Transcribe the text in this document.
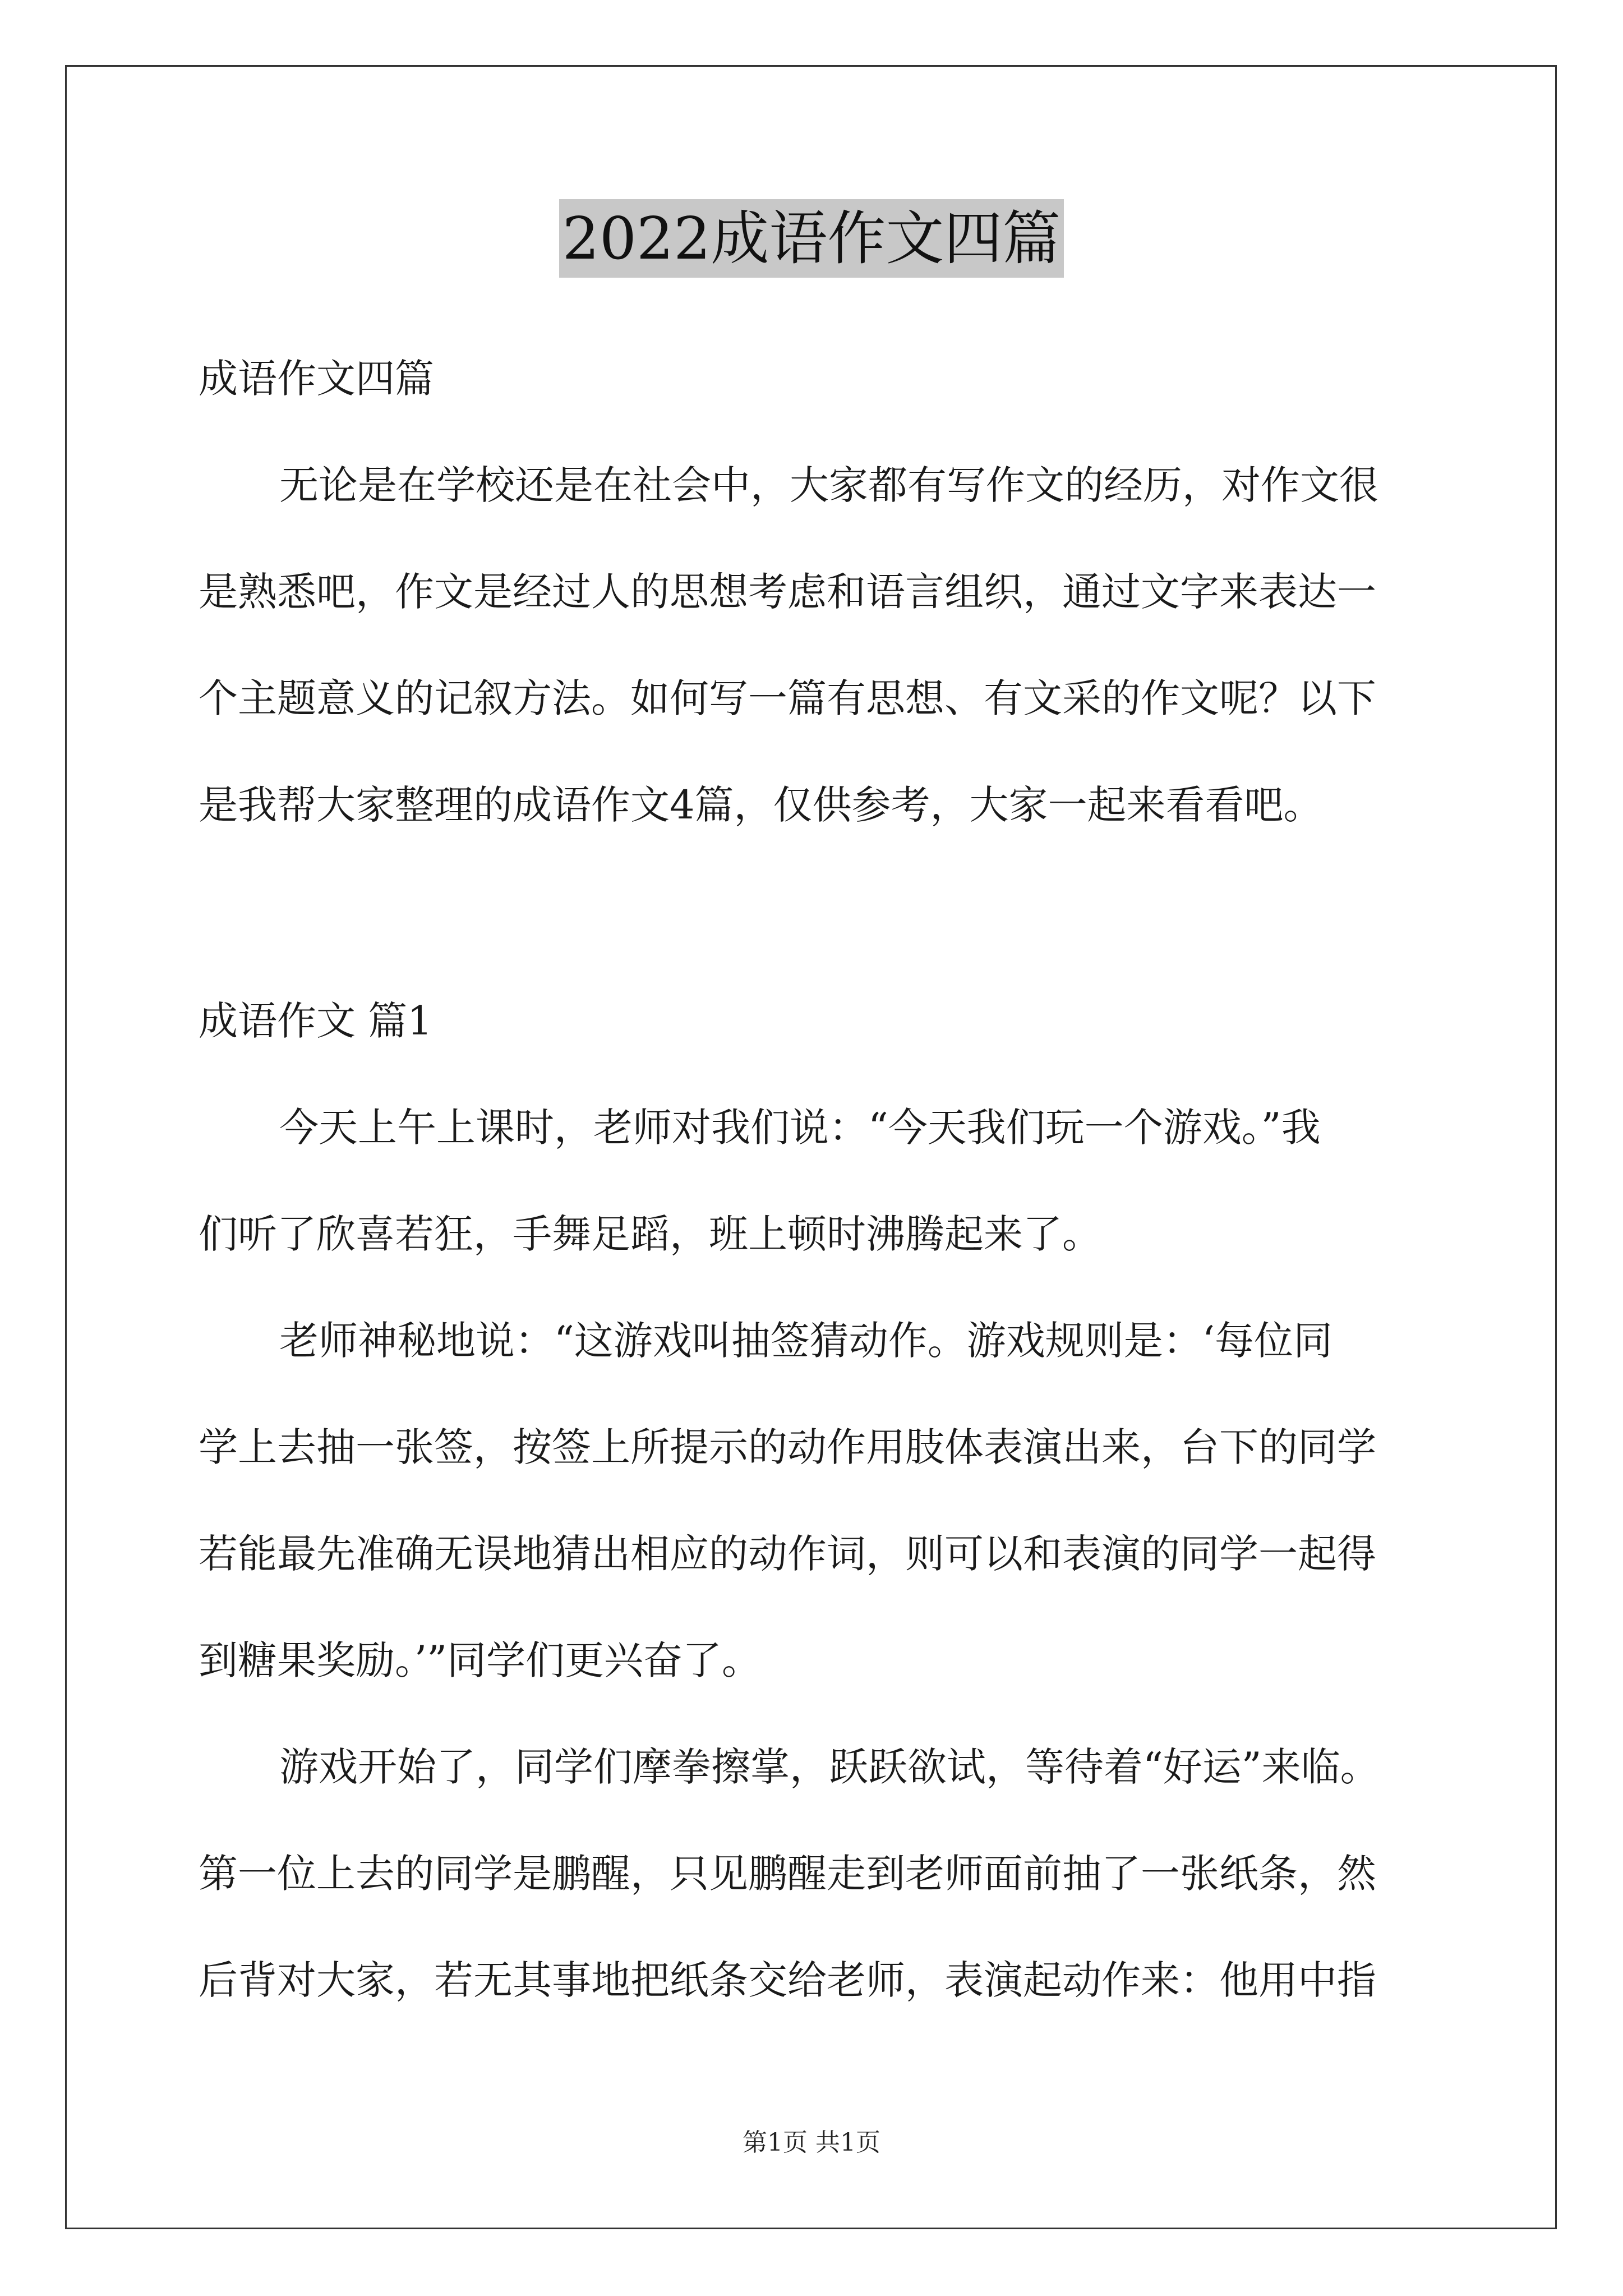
2022成语作文四篇
成语作文四篇
无论是在学校还是在社会中，大家都有写作文的经历，对作文很
是熟悉吧，作文是经过人的思想考虑和语言组织，通过文字来表达一
个主题意义的记叙方法。如何写一篇有思想、有文采的作文呢？以下
是我帮大家整理的成语作文4篇，仅供参考，大家一起来看看吧。
成语作文 篇1
今天上午上课时，老师对我们说：“今天我们玩一个游戏。”我
们听了欣喜若狂，手舞足蹈，班上顿时沸腾起来了。
老师神秘地说：“这游戏叫抽签猜动作。游戏规则是：‘每位同
学上去抽一张签，按签上所提示的动作用肢体表演出来，台下的同学
若能最先准确无误地猜出相应的动作词，则可以和表演的同学一起得
到糖果奖励。’”同学们更兴奋了。
游戏开始了，同学们摩拳擦掌，跃跃欲试，等待着“好运”来临。
第一位上去的同学是鹏醒，只见鹏醒走到老师面前抽了一张纸条，然
后背对大家，若无其事地把纸条交给老师，表演起动作来：他用中指
第1页 共1页
